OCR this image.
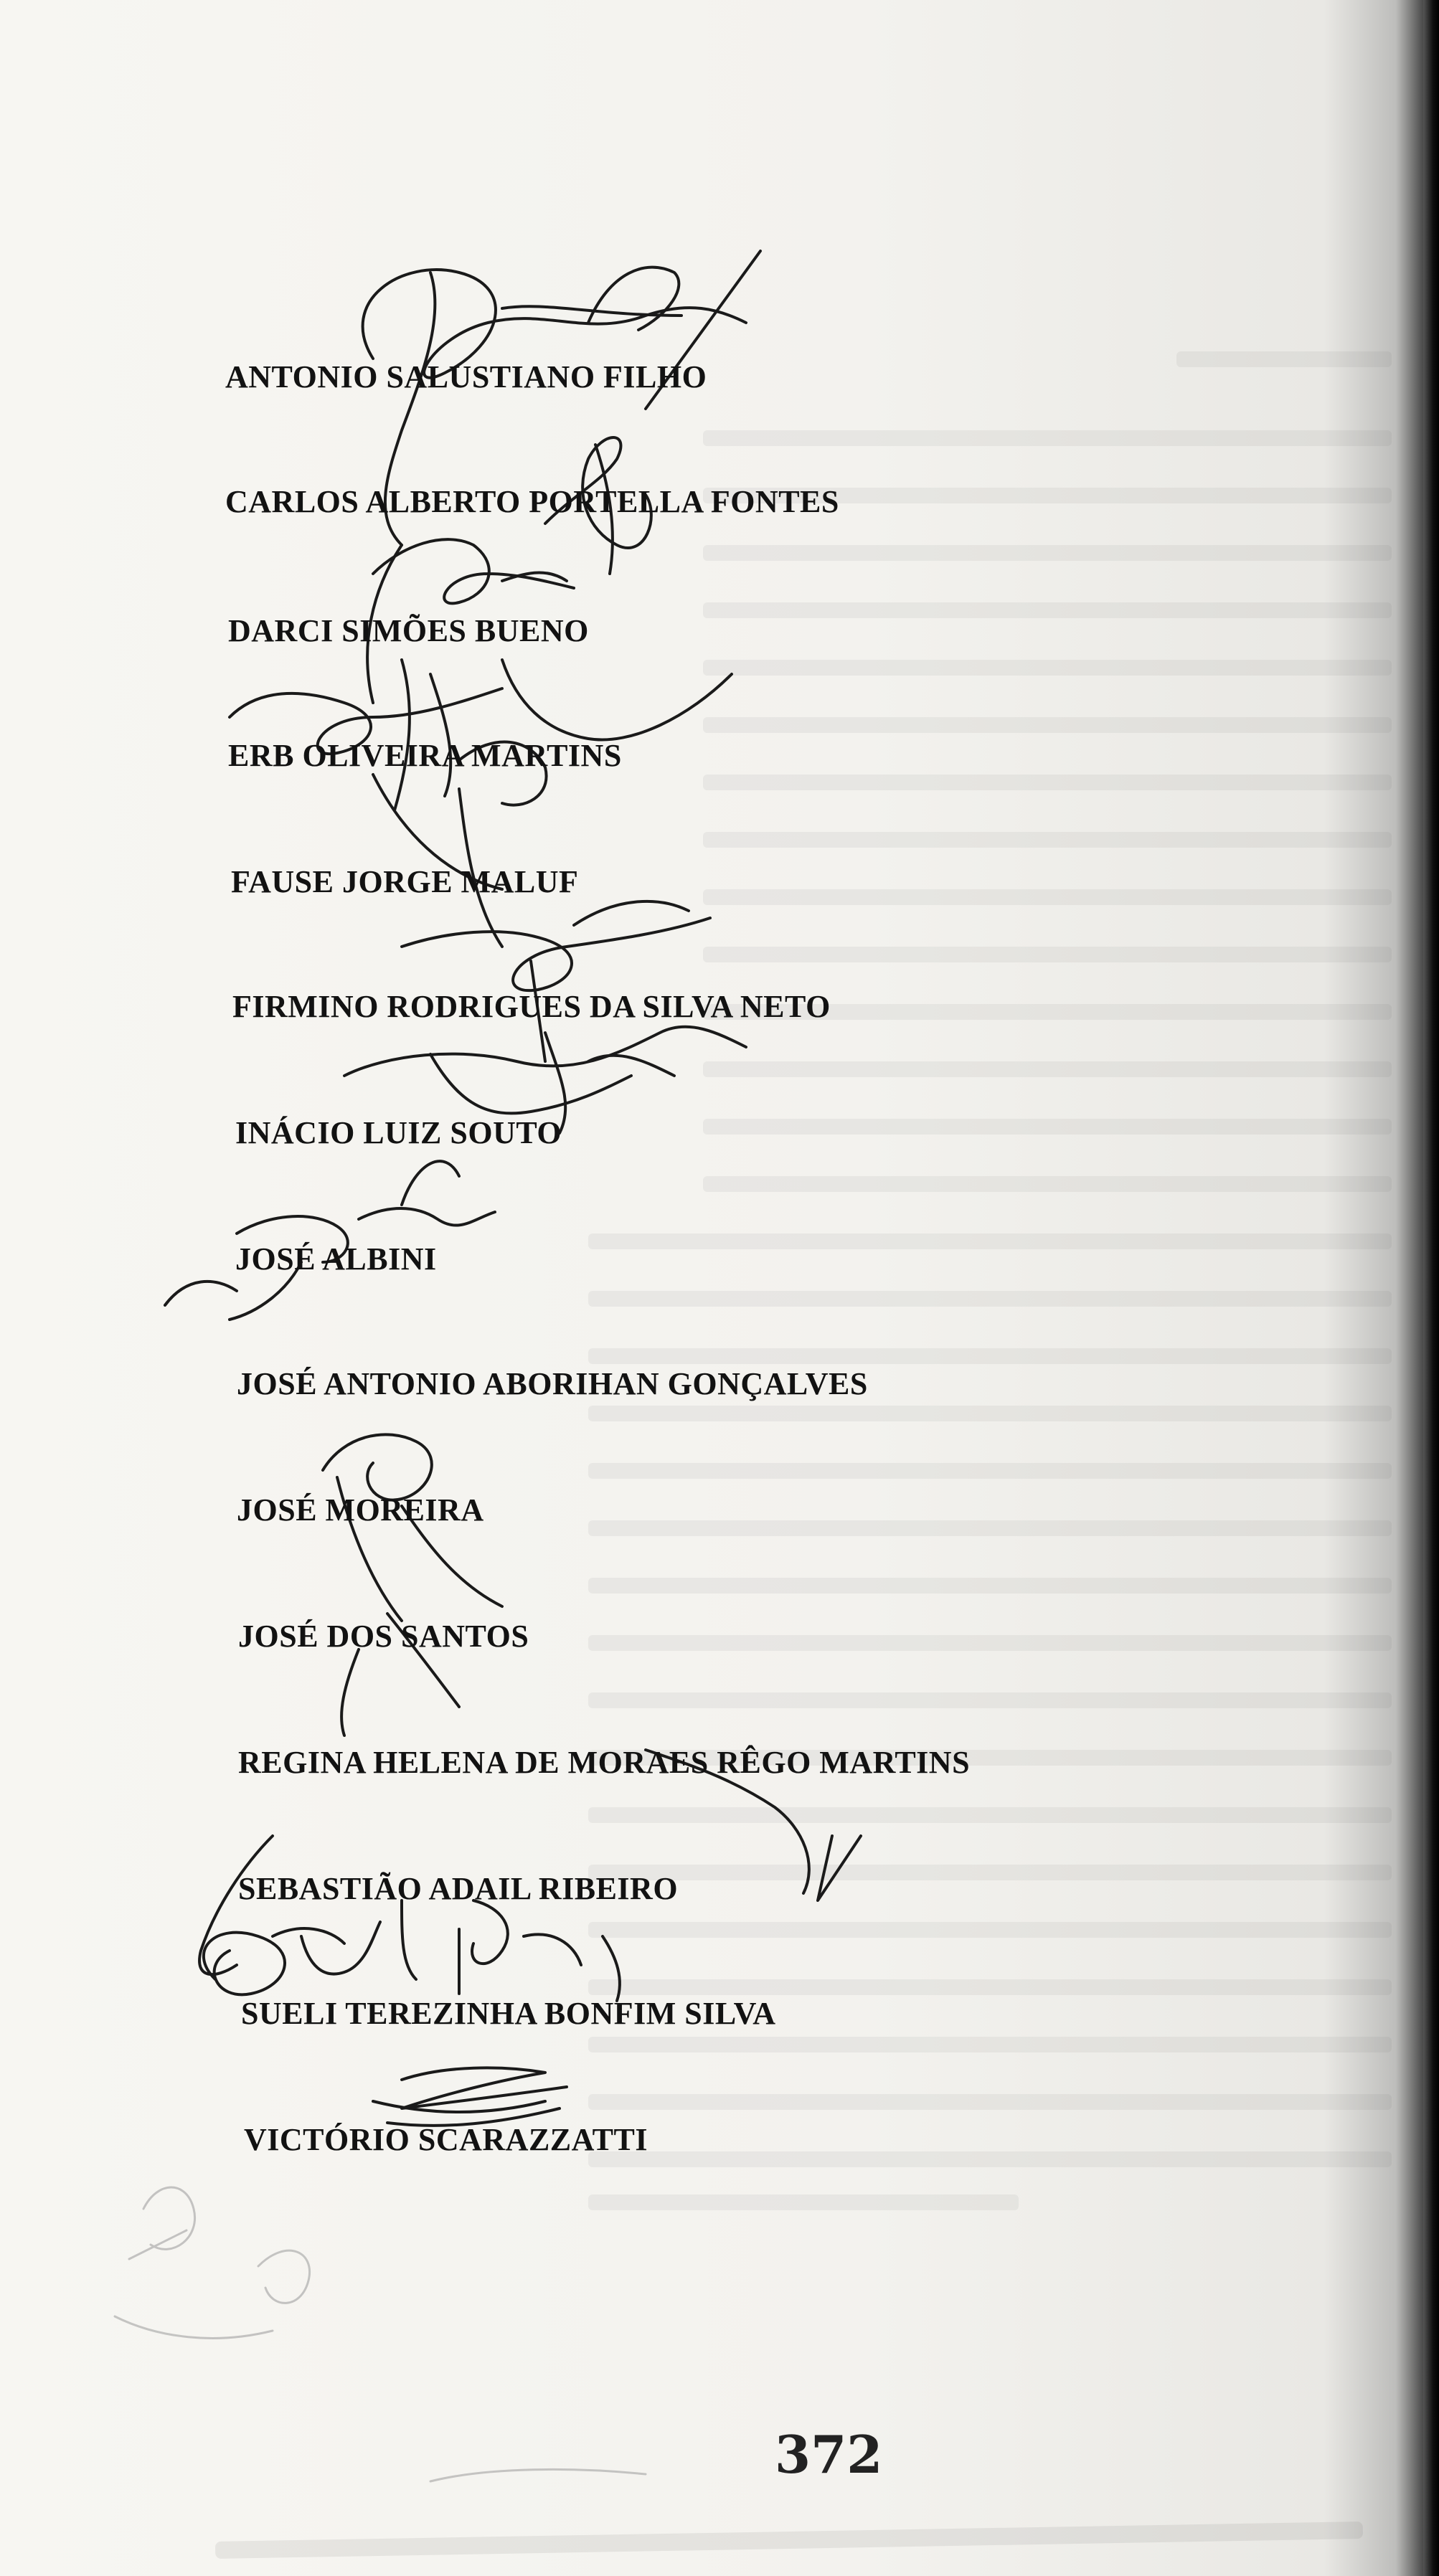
ANTONIO SALUSTIANO FILHO
CARLOS ALBERTO PORTELLA FONTES
DARCI SIMÕES BUENO
ERB OLIVEIRA MARTINS
FAUSE JORGE MALUF
FIRMINO RODRIGUES DA SILVA NETO
INÁCIO LUIZ SOUTO
JOSÉ ALBINI
JOSÉ ANTONIO ABORIHAN GONÇALVES
JOSÉ MOREIRA
JOSÉ DOS SANTOS
REGINA HELENA DE MORAES RÊGO MARTINS
SEBASTIÃO ADAIL RIBEIRO
SUELI TEREZINHA BONFIM SILVA
VICTÓRIO SCARAZZATTI
372
